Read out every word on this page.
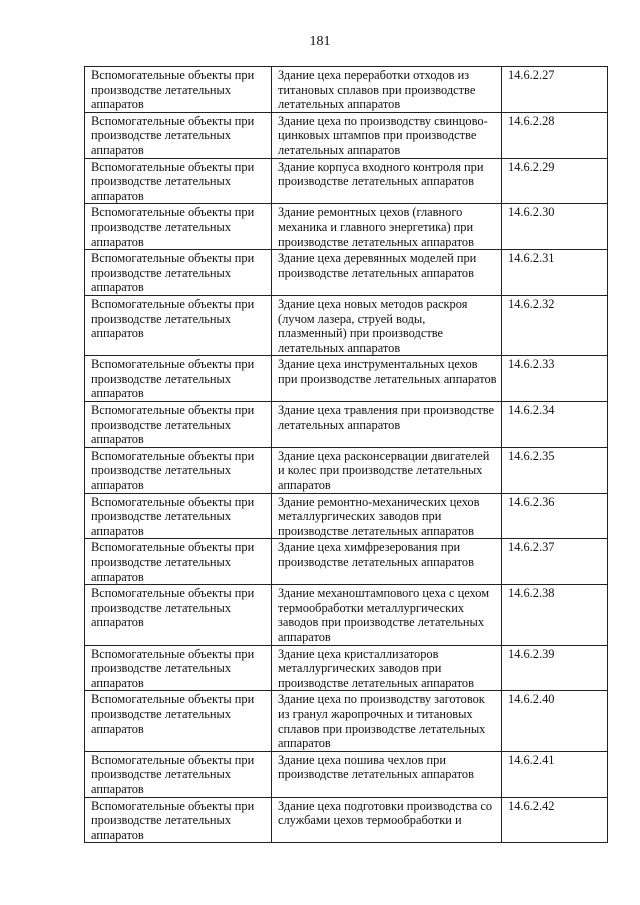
181
Вспомогательные объекты при производстве летательных аппаратов	Здание цеха переработки отходов из титановых сплавов при производстве летательных аппаратов	14.6.2.27
Вспомогательные объекты при производстве летательных аппаратов	Здание цеха по производству свинцово-цинковых штампов при производстве летательных аппаратов	14.6.2.28
Вспомогательные объекты при производстве летательных аппаратов	Здание корпуса входного контроля при производстве летательных аппаратов	14.6.2.29
Вспомогательные объекты при производстве летательных аппаратов	Здание ремонтных цехов (главного механика и главного энергетика) при производстве летательных аппаратов	14.6.2.30
Вспомогательные объекты при производстве летательных аппаратов	Здание цеха деревянных моделей при производстве летательных аппаратов	14.6.2.31
Вспомогательные объекты при производстве летательных аппаратов	Здание цеха новых методов раскроя (лучом лазера, струей воды, плазменный) при производстве летательных аппаратов	14.6.2.32
Вспомогательные объекты при производстве летательных аппаратов	Здание цеха инструментальных цехов при производстве летательных аппаратов	14.6.2.33
Вспомогательные объекты при производстве летательных аппаратов	Здание цеха травления при производстве летательных аппаратов	14.6.2.34
Вспомогательные объекты при производстве летательных аппаратов	Здание цеха расконсервации двигателей и колес при производстве летательных аппаратов	14.6.2.35
Вспомогательные объекты при производстве летательных аппаратов	Здание ремонтно-механических цехов металлургических заводов при производстве летательных аппаратов	14.6.2.36
Вспомогательные объекты при производстве летательных аппаратов	Здание цеха химфрезерования при производстве летательных аппаратов	14.6.2.37
Вспомогательные объекты при производстве летательных аппаратов	Здание механоштампового цеха с цехом термообработки металлургических заводов при производстве летательных аппаратов	14.6.2.38
Вспомогательные объекты при производстве летательных аппаратов	Здание цеха кристаллизаторов металлургических заводов при производстве летательных аппаратов	14.6.2.39
Вспомогательные объекты при производстве летательных аппаратов	Здание цеха по производству заготовок из гранул жаропрочных и титановых сплавов при производстве летательных аппаратов	14.6.2.40
Вспомогательные объекты при производстве летательных аппаратов	Здание цеха пошива чехлов при производстве летательных аппаратов	14.6.2.41
Вспомогательные объекты при производстве летательных аппаратов	Здание цеха подготовки производства со службами цехов термообработки и	14.6.2.42
